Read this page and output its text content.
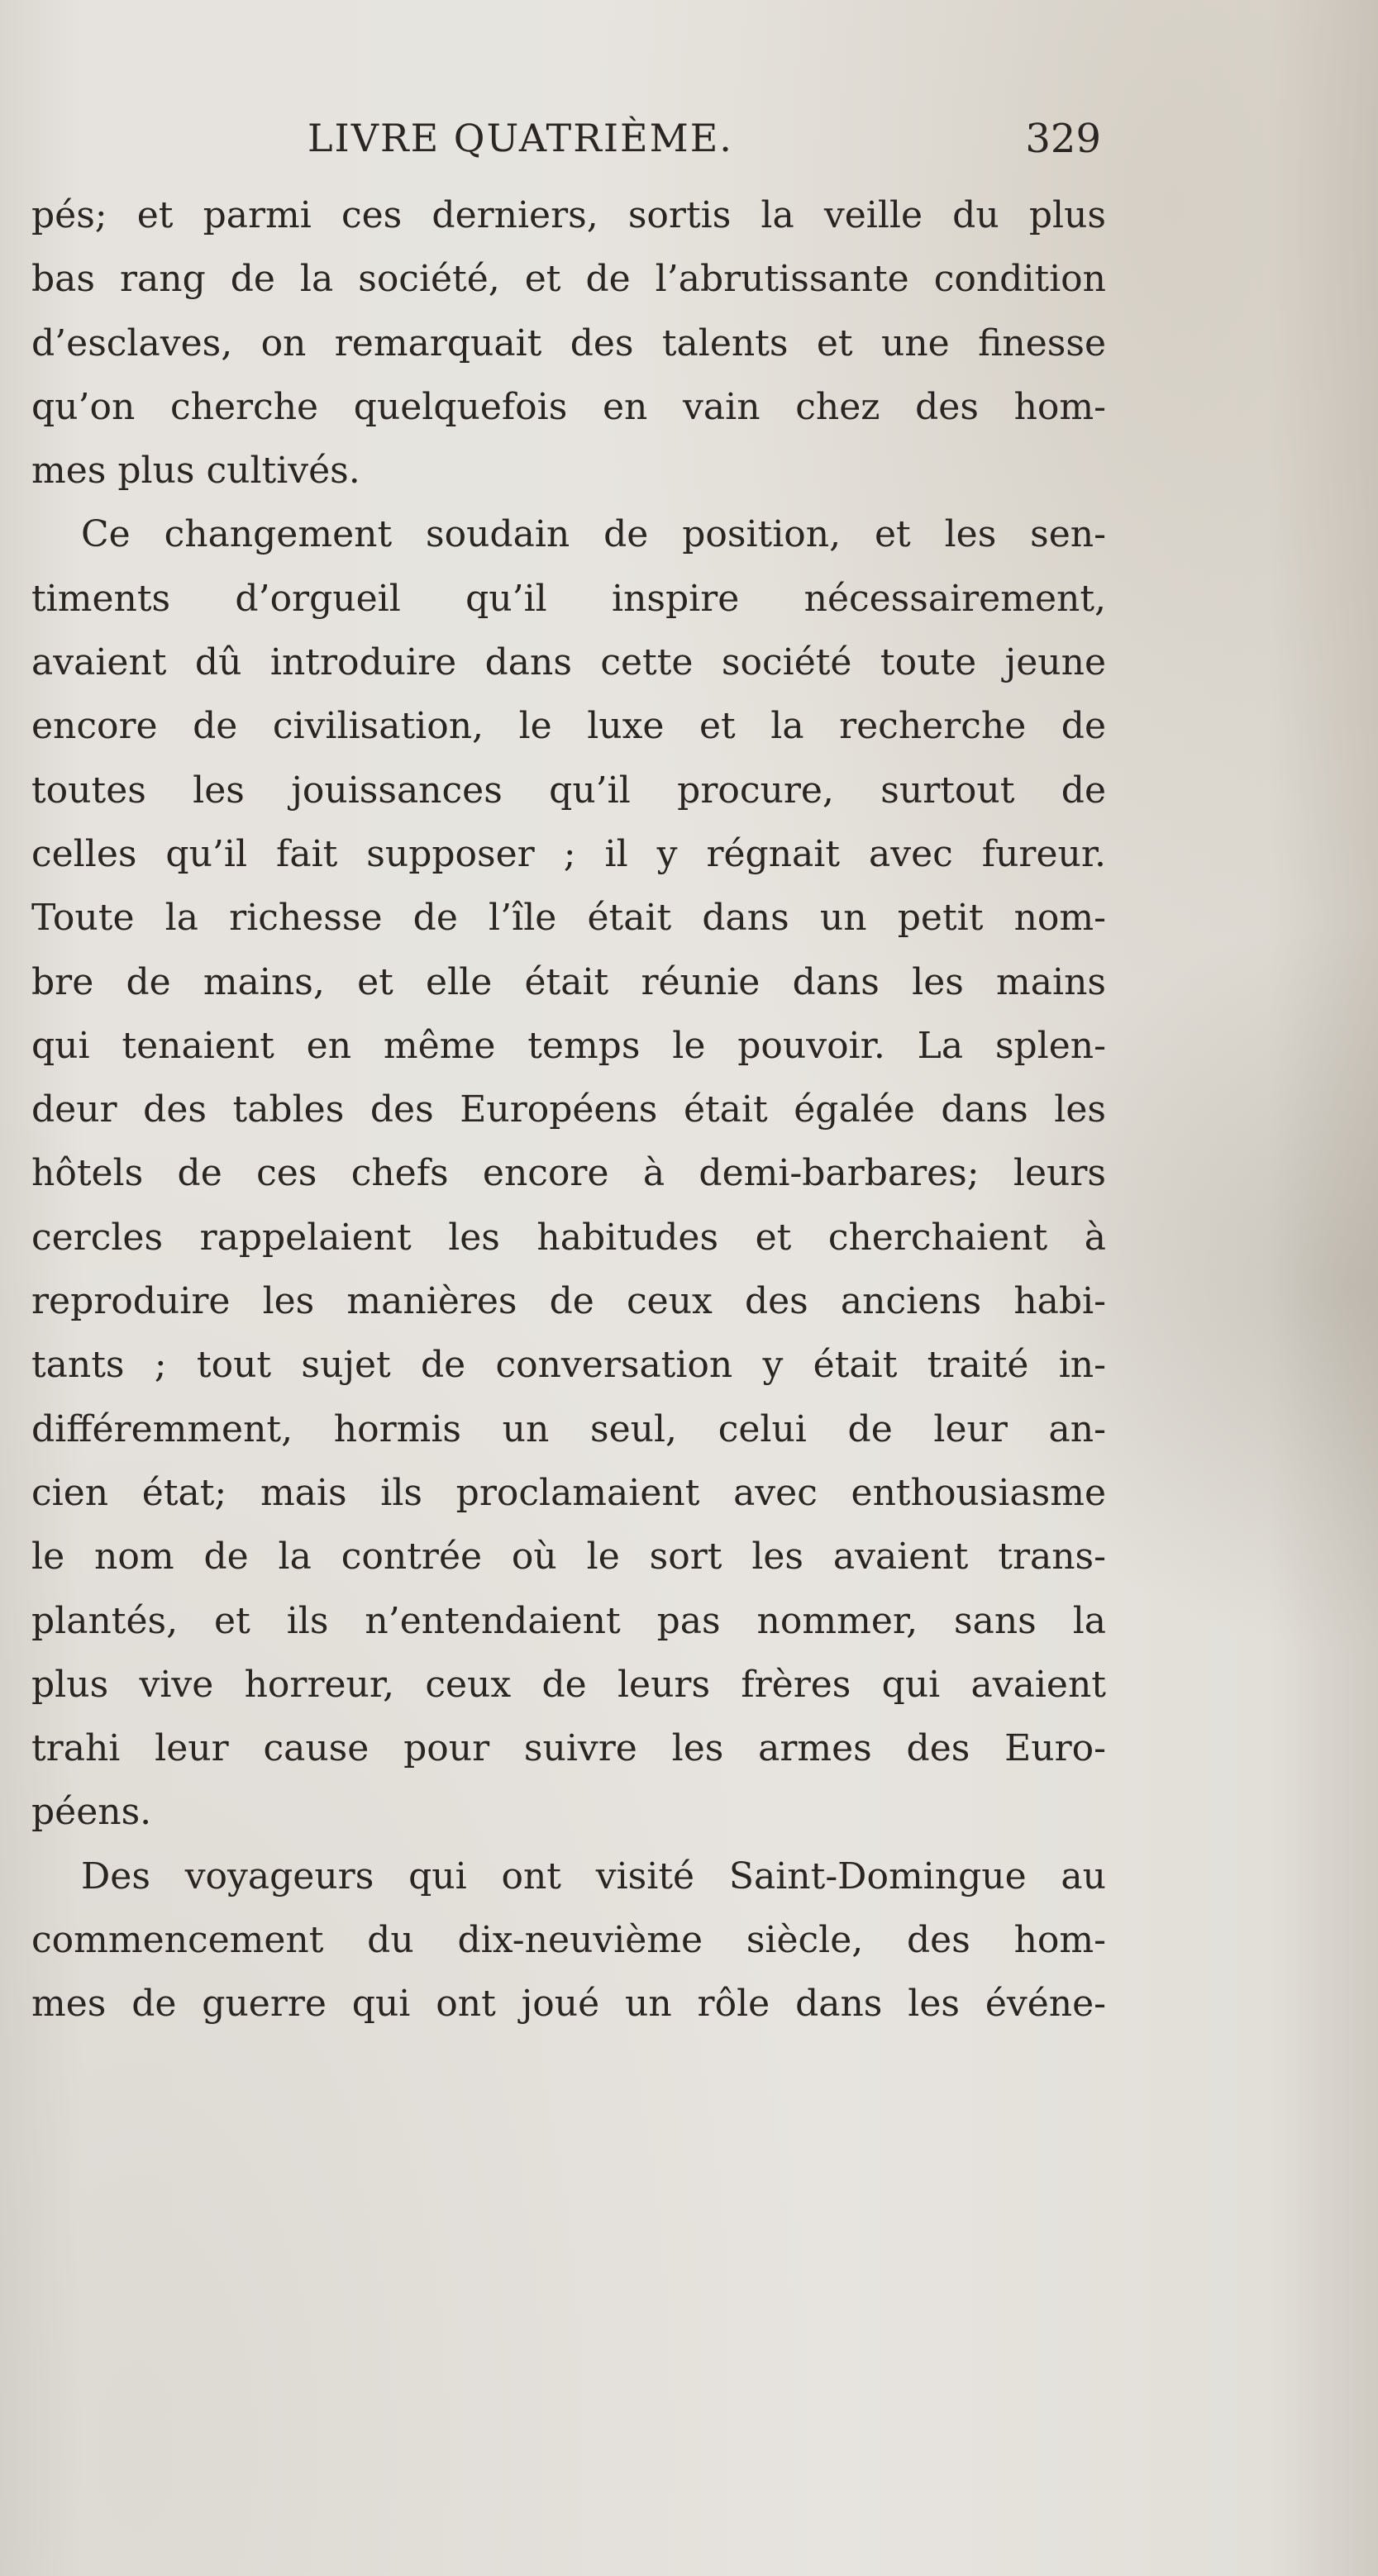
LIVRE QUATRIÈME.	329
pés; et parmi ces derniers, sortis la veille du plus
bas rang de la société, et de l’abrutissante condition
d’esclaves, on remarquait des talents et une finesse
qu’on cherche quelquefois en vain chez des hom-
mes plus cultivés.
Ce changement soudain de position, et les sen-
timents d’orgueil qu’il inspire nécessairement,
avaient dû introduire dans cette société toute jeune
encore de civilisation, le luxe et la recherche de
toutes les jouissances qu’il procure, surtout de
celles qu’il fait supposer ; il y régnait avec fureur.
Toute la richesse de l’île était dans un petit nom-
bre de mains, et elle était réunie dans les mains
qui tenaient en même temps le pouvoir. La splen-
deur des tables des Européens était égalée dans les
hôtels de ces chefs encore à demi-barbares; leurs
cercles rappelaient les habitudes et cherchaient à
reproduire les manières de ceux des anciens habi-
tants ; tout sujet de conversation y était traité in-
différemment, hormis un seul, celui de leur an-
cien état; mais ils proclamaient avec enthousiasme
le nom de la contrée où le sort les avaient trans-
plantés, et ils n’entendaient pas nommer, sans la
plus vive horreur, ceux de leurs frères qui avaient
trahi leur cause pour suivre les armes des Euro-
péens.
Des voyageurs qui ont visité Saint-Domingue au
commencement du dix-neuvième siècle, des hom-
mes de guerre qui ont joué un rôle dans les événe-
